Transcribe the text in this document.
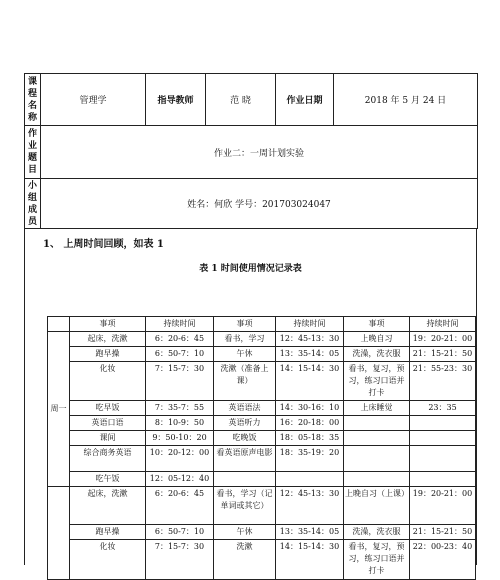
课程名称	管理学	指导教师	范 晓	作业日期	2018 年 5 月 24 日
作业题目	作业二：一周计划实验				
小组成员	姓名：何欣 学号：201703024047				
1、 上周时间回顾，如表 1
表 1 时间使用情况记录表
	事项	持续时间	事项	持续时间	事项	持续时间
周一	起床，洗漱	6：20-6：45	看书，学习	12：45-13：30	上晚自习	19：20-21：00
	跑早操	6：50-7：10	午休	13：35-14：05	洗澡，洗衣服	21：15-21：50
	化妆	7：15-7：30	洗漱（准备上课）	14：15-14：30	看书，复习，预习，练习口语并打卡	21：55-23：30
	吃早饭	7：35-7：55	英语语法	14：30-16：10	上床睡觉	23：35
	英语口语	8：10-9：50	英语听力	16：20-18：00		
	课间	9：50-10：20	吃晚饭	18：05-18：35		
	综合商务英语	10：20-12：00	看英语原声电影	18：35-19：20		
	吃午饭	12：05-12：40				
	起床，洗漱	6：20-6：45	看书，学习（记单词或其它）	12：45-13：30	上晚自习（上课）	19：20-21：00
	跑早操	6：50-7：10	午休	13：35-14：05	洗澡，洗衣服	21：15-21：50
	化妆	7：15-7：30	洗漱	14：15-14：30	看书，复习，预习，练习口语并打卡	22：00-23：40
